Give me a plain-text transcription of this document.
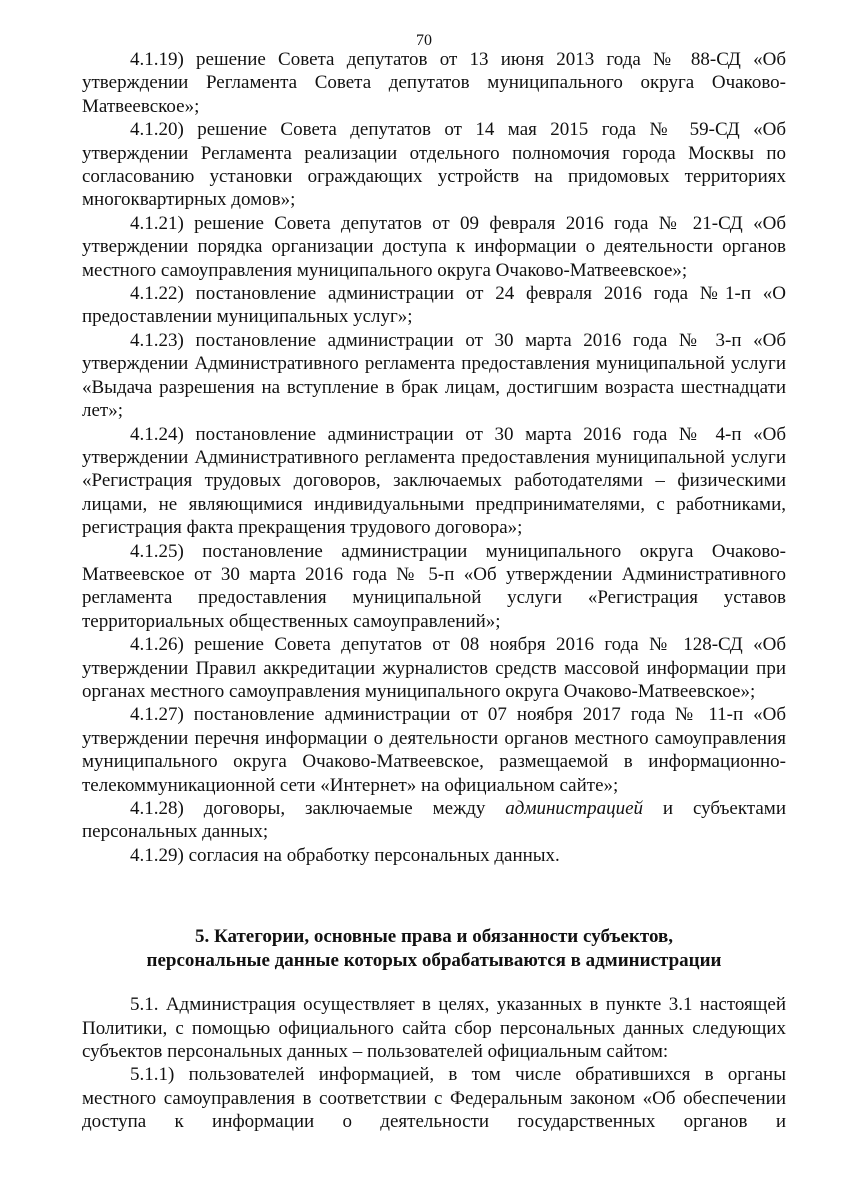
70

4.1.19) решение Совета депутатов от 13 июня 2013 года № 88-СД «Об утверждении Регламента Совета депутатов муниципального округа Очаково-Матвеевское»;

4.1.20) решение Совета депутатов от 14 мая 2015 года № 59-СД «Об утверждении Регламента реализации отдельного полномочия города Москвы по согласованию установки ограждающих устройств на придомовых территориях многоквартирных домов»;

4.1.21) решение Совета депутатов от 09 февраля 2016 года № 21-СД «Об утверждении порядка организации доступа к информации о деятельности органов местного самоуправления муниципального округа Очаково-Матвеевское»;

4.1.22) постановление администрации от 24 февраля 2016 года №1-п «О предоставлении муниципальных услуг»;

4.1.23) постановление администрации от 30 марта 2016 года № 3-п «Об утверждении Административного регламента предоставления муниципальной услуги «Выдача разрешения на вступление в брак лицам, достигшим возраста шестнадцати лет»;

4.1.24) постановление администрации от 30 марта 2016 года № 4-п «Об утверждении Административного регламента предоставления муниципальной услуги «Регистрация трудовых договоров, заключаемых работодателями – физическими лицами, не являющимися индивидуальными предпринимателями, с работниками, регистрация факта прекращения трудового договора»;

4.1.25) постановление администрации муниципального округа Очаково-Матвеевское от 30 марта 2016 года № 5-п «Об утверждении Административного регламента предоставления муниципальной услуги «Регистрация уставов территориальных общественных самоуправлений»;

4.1.26) решение Совета депутатов от 08 ноября 2016 года № 128-СД «Об утверждении Правил аккредитации журналистов средств массовой информации при органах местного самоуправления муниципального округа Очаково-Матвеевское»;

4.1.27) постановление администрации от 07 ноября 2017 года № 11-п «Об утверждении перечня информации о деятельности органов местного самоуправления муниципального округа Очаково-Матвеевское, размещаемой в информационно-телекоммуникационной сети «Интернет» на официальном сайте»;

4.1.28) договоры, заключаемые между администрацией и субъектами персональных данных;

4.1.29) согласия на обработку персональных данных.

5. Категории, основные права и обязанности субъектов,
персональные данные которых обрабатываются в администрации

5.1. Администрация осуществляет в целях, указанных в пункте 3.1 настоящей Политики, с помощью официального сайта сбор персональных данных следующих субъектов персональных данных – пользователей официальным сайтом:

5.1.1) пользователей информацией, в том числе обратившихся в органы местного самоуправления в соответствии с Федеральным законом «Об обеспечении доступа к информации о деятельности государственных органов и
